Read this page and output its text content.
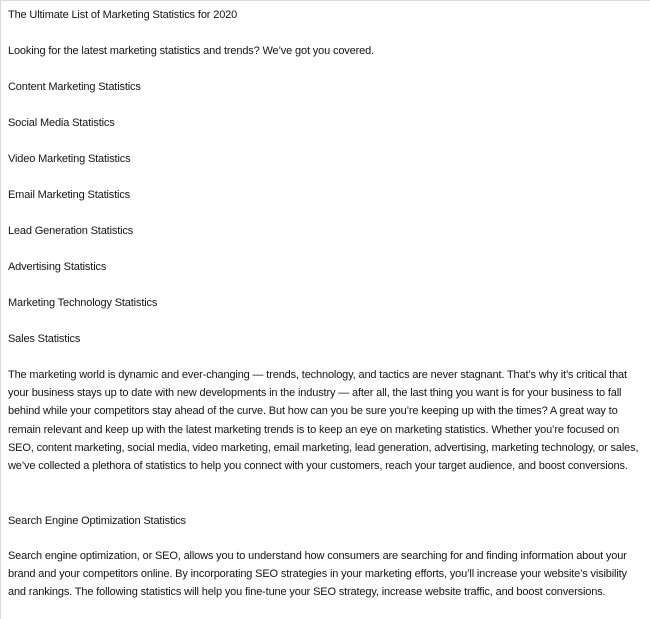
The Ultimate List of Marketing Statistics for 2020
Looking for the latest marketing statistics and trends? We’ve got you covered.
Content Marketing Statistics
Social Media Statistics
Video Marketing Statistics
Email Marketing Statistics
Lead Generation Statistics
Advertising Statistics
Marketing Technology Statistics
Sales Statistics
The marketing world is dynamic and ever-changing — trends, technology, and tactics are never stagnant. That’s why it’s critical that your business stays up to date with new developments in the industry — after all, the last thing you want is for your business to fall behind while your competitors stay ahead of the curve. But how can you be sure you’re keeping up with the times? A great way to remain relevant and keep up with the latest marketing trends is to keep an eye on marketing statistics. Whether you’re focused on SEO, content marketing, social media, video marketing, email marketing, lead generation, advertising, marketing technology, or sales, we’ve collected a plethora of statistics to help you connect with your customers, reach your target audience, and boost conversions.
Search Engine Optimization Statistics
Search engine optimization, or SEO, allows you to understand how consumers are searching for and finding information about your brand and your competitors online. By incorporating SEO strategies in your marketing efforts, you’ll increase your website’s visibility and rankings. The following statistics will help you fine-tune your SEO strategy, increase website traffic, and boost conversions.
